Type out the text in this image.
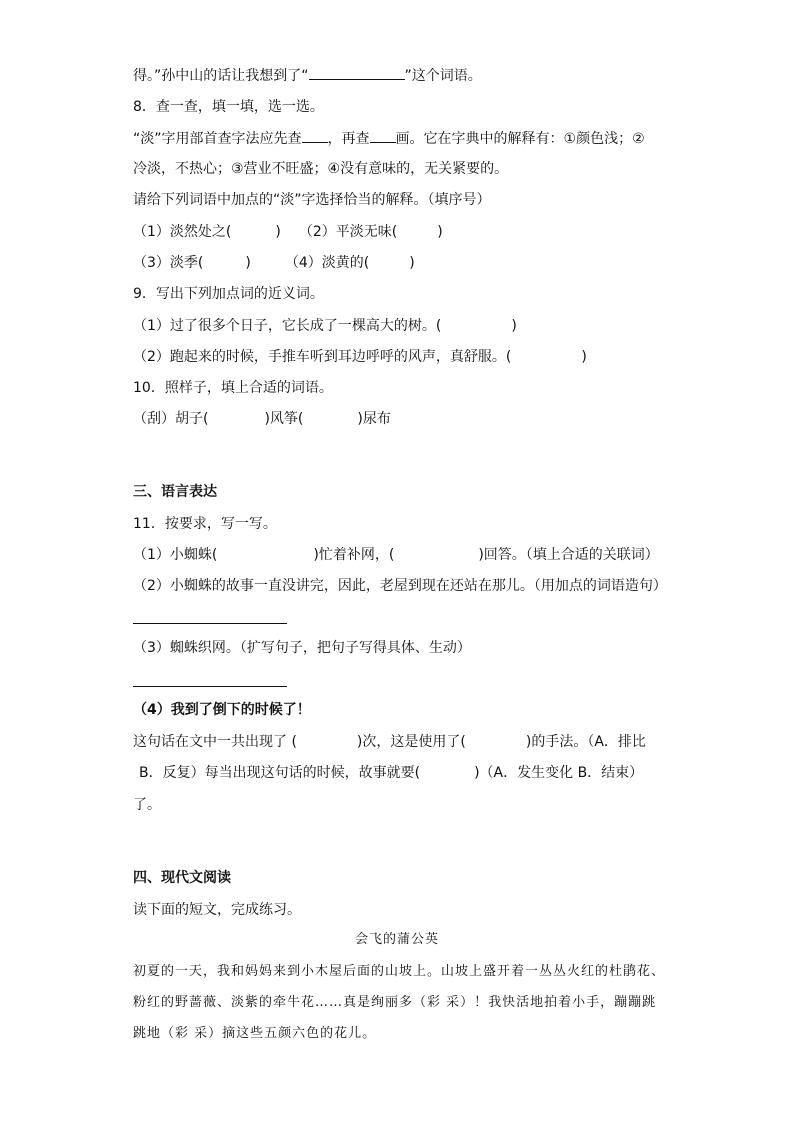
得。”孙中山的话让我想到了“	”这个词语。
8．查一查，填一填，选一选。
“淡”字用部首查字法应先查 ，再查 画。它在字典中的解释有：①颜色浅；②
冷淡，不热心；③营业不旺盛；④没有意味的，无关紧要的。
请给下列词语中加点的“淡”字选择恰当的解释。（填序号）
（1）淡然处之(	) （2）平淡无味(	)
（3）淡季(	) （4）淡黄的(	)
9．写出下列加点词的近义词。
（1）过了很多个日子，它长成了一棵高大的树。(	)
（2）跑起来的时候，手推车听到耳边呼呼的风声，真舒服。(	)
10．照样子，填上合适的词语。
（刮）胡子(	)风筝(	)尿布
三、语言表达
11．按要求，写一写。
（1）小蜘蛛(	)忙着补网，(	)回答。（填上合适的关联词）
（2）小蜘蛛的故事一直没讲完，因此，老屋到现在还站在那儿。（用加点的词语造句）
（3）蜘蛛织网。（扩写句子，把句子写得具体、生动）
（4）我到了倒下的时候了！
这句话在文中一共出现了 (	)次，这是使用了(	)的手法。（A．排比
B．反复）每当出现这句话的时候，故事就要(	)（A．发生变化 B．结束）
了。
四、现代文阅读
读下面的短文，完成练习。
会飞的蒲公英
初夏的一天，我和妈妈来到小木屋后面的山坡上。山坡上盛开着一丛丛火红的杜鹃花、
粉红的野蔷薇、淡紫的牵牛花……真是绚丽多（彩 采）！我快活地拍着小手，蹦蹦跳
跳地（彩 采）摘这些五颜六色的花儿。
